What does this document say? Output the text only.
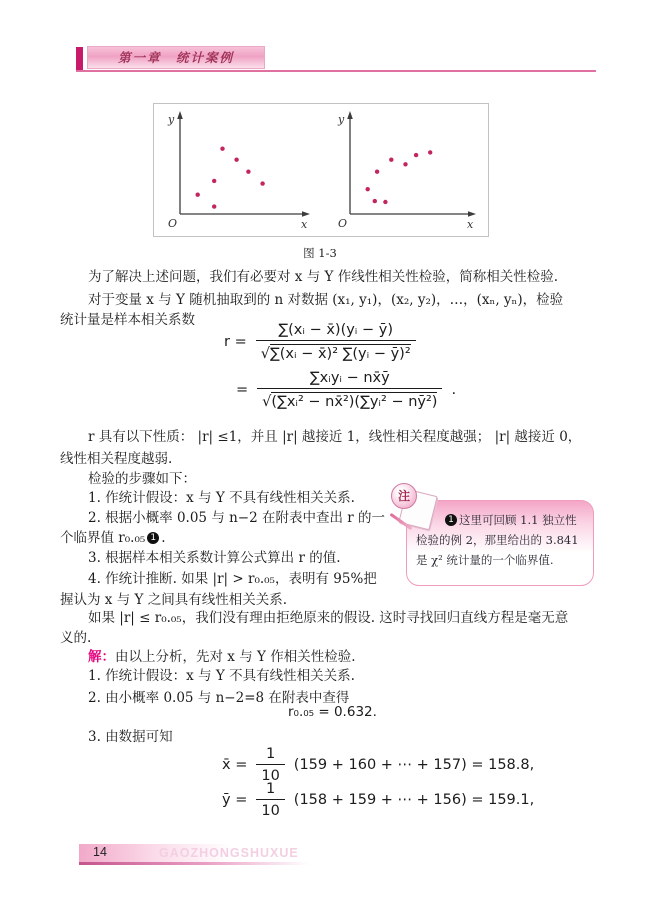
第一章　统计案例
y
O	x
y
O	x
图 1-3
为了解决上述问题，我们有必要对 x 与 Y 作线性相关性检验，简称相关性检验.
对于变量 x 与 Y 随机抽取到的 n 对数据 (x₁, y₁)，(x₂, y₂)，…，(xₙ, yₙ)，检验
统计量是样本相关系数
$r = \frac{\text{∑(xᵢ − x̄)(yᵢ − ȳ)}}{\text{√∑(xᵢ − x̄)² ∑(yᵢ − ȳ)²}}$
= $\frac{\text{∑xᵢyᵢ − nx̄ȳ}}{\text{√(∑xᵢ² − nx̄²)(∑yᵢ² − nȳ²)}}$ .
r 具有以下性质： |r| ≤1，并且 |r| 越接近 1，线性相关程度越强； |r| 越接近 0，
线性相关程度越弱.
检验的步骤如下：
1. 作统计假设：x 与 Y 不具有线性相关关系.
2. 根据小概率 0.05 与 n−2 在附表中查出 r 的一
个临界值 r₀.₀₅ 1 .
3. 根据样本相关系数计算公式算出 r 的值.
4. 作统计推断. 如果 |r| > r₀.₀₅，表明有 95%把
握认为 x 与 Y 之间具有线性相关关系.
如果 |r| ≤ r₀.₀₅，我们没有理由拒绝原来的假设. 这时寻找回归直线方程是毫无意
义的.
解：由以上分析，先对 x 与 Y 作相关性检验.
1. 作统计假设：x 与 Y 不具有线性相关关系.
2. 由小概率 0.05 与 n−2=8 在附表中查得
r₀.₀₅ = 0.632.
3. 由数据可知
x̄ = $\frac{1}{10} (159 + 160$ + ⋯ + 157) = 158.8,
ȳ = $\frac{1}{10} (158 + 159$ + ⋯ + 156) = 159.1,
注
1 这里可回顾 1.1 独立性
检验的例 2，那里给出的 3.841
是 χ² 统计量的一个临界值.
14	GAOZHONGSHUXUE
